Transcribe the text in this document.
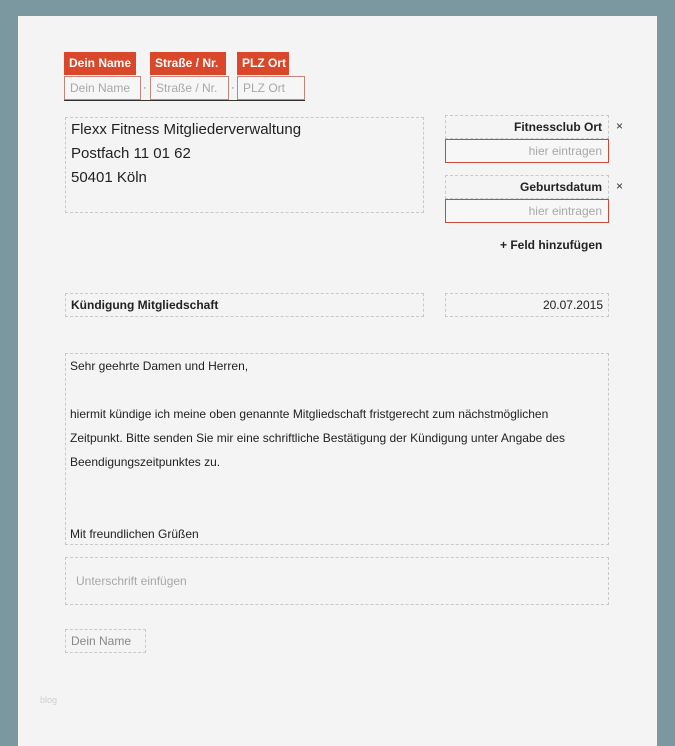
Dein Name	Straße / Nr.	PLZ Ort
Dein Name	· Straße / Nr.	· PLZ Ort
Flexx Fitness Mitgliederverwaltung
Postfach 11 01 62
50401 Köln
Fitnessclub Ort	×
hier eintragen
Geburtsdatum	×
hier eintragen
+ Feld hinzufügen
Kündigung Mitgliedschaft	20.07.2015
Sehr geehrte Damen und Herren,
hiermit kündige ich meine oben genannte Mitgliedschaft fristgerecht zum nächstmöglichen
Zeitpunkt. Bitte senden Sie mir eine schriftliche Bestätigung der Kündigung unter Angabe des
Beendigungszeitpunktes zu.
Mit freundlichen Grüßen
Unterschrift einfügen
Dein Name
blog
